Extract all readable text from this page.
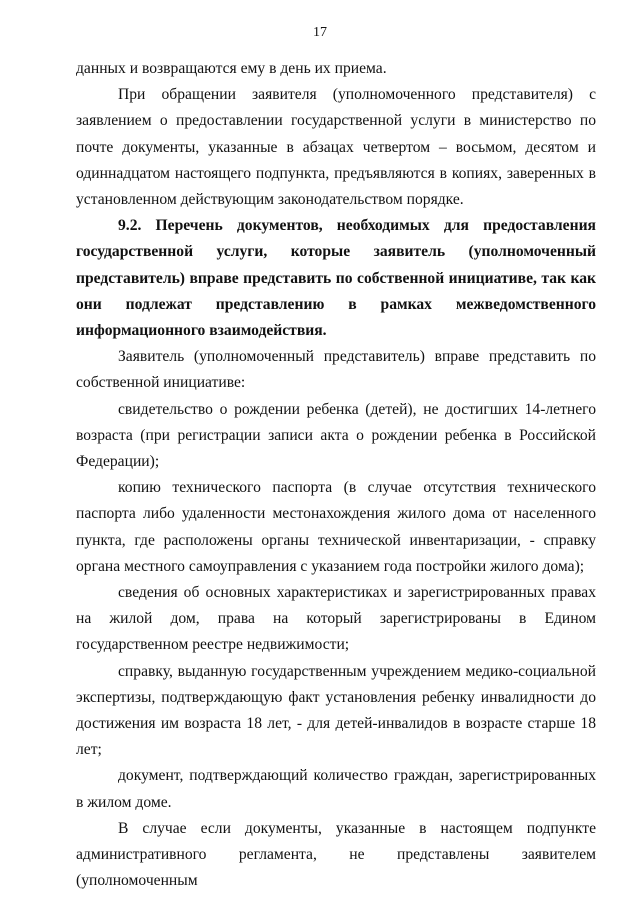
17

данных и возвращаются ему в день их приема.

При обращении заявителя (уполномоченного представителя) с заявлением о предоставлении государственной услуги в министерство по почте документы, указанные в абзацах четвертом – восьмом, десятом и одиннадцатом настоящего подпункта, предъявляются в копиях, заверенных в установленном действующим законодательством порядке.

9.2. Перечень документов, необходимых для предоставления государственной услуги, которые заявитель (уполномоченный представитель) вправе представить по собственной инициативе, так как они подлежат представлению в рамках межведомственного информационного взаимодействия.

Заявитель (уполномоченный представитель) вправе представить по собственной инициативе:

свидетельство о рождении ребенка (детей), не достигших 14-летнего возраста (при регистрации записи акта о рождении ребенка в Российской Федерации);

копию технического паспорта (в случае отсутствия технического паспорта либо удаленности местонахождения жилого дома от населенного пункта, где расположены органы технической инвентаризации, - справку органа местного самоуправления с указанием года постройки жилого дома);

сведения об основных характеристиках и зарегистрированных правах на жилой дом, права на который зарегистрированы в Едином государственном реестре недвижимости;

справку, выданную государственным учреждением медико-социальной экспертизы, подтверждающую факт установления ребенку инвалидности до достижения им возраста 18 лет, - для детей-инвалидов в возрасте старше 18 лет;

документ, подтверждающий количество граждан, зарегистрированных в жилом доме.

В случае если документы, указанные в настоящем подпункте административного регламента, не представлены заявителем (уполномоченным
